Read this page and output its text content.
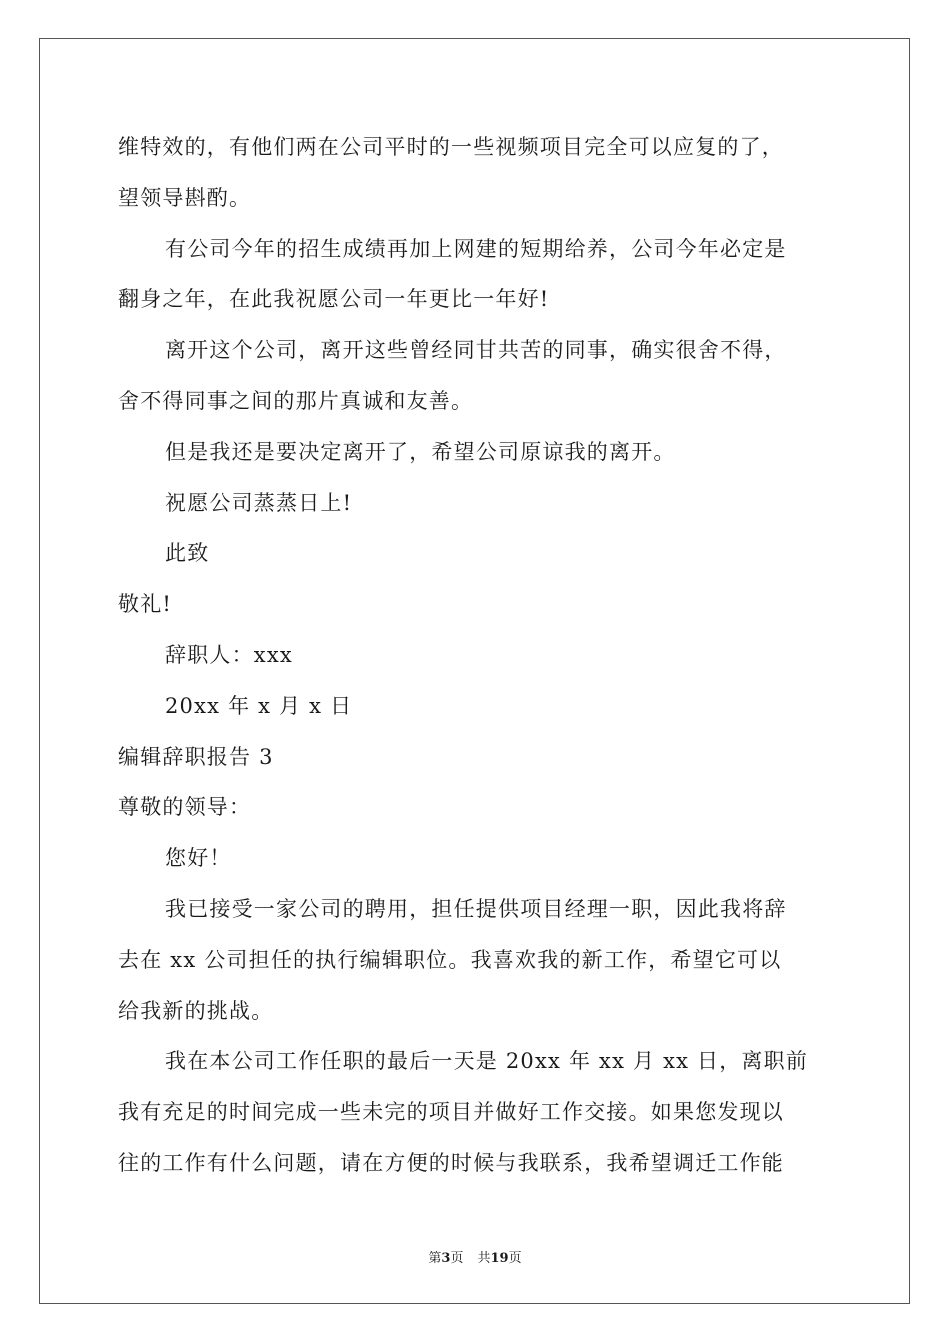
维特效的，有他们两在公司平时的一些视频项目完全可以应复的了，
望领导斟酌。
有公司今年的招生成绩再加上网建的短期给养，公司今年必定是
翻身之年，在此我祝愿公司一年更比一年好!
离开这个公司，离开这些曾经同甘共苦的同事，确实很舍不得，
舍不得同事之间的那片真诚和友善。
但是我还是要决定离开了，希望公司原谅我的离开。
祝愿公司蒸蒸日上!
此致
敬礼!
辞职人：xxx
20xx 年 x 月 x 日
编辑辞职报告 3
尊敬的领导：
您好！
我已接受一家公司的聘用，担任提供项目经理一职，因此我将辞
去在 xx 公司担任的执行编辑职位。我喜欢我的新工作，希望它可以
给我新的挑战。
我在本公司工作任职的最后一天是 20xx 年 xx 月 xx 日，离职前
我有充足的时间完成一些未完的项目并做好工作交接。如果您发现以
往的工作有什么问题，请在方便的时候与我联系，我希望调迁工作能
第3页 共19页
